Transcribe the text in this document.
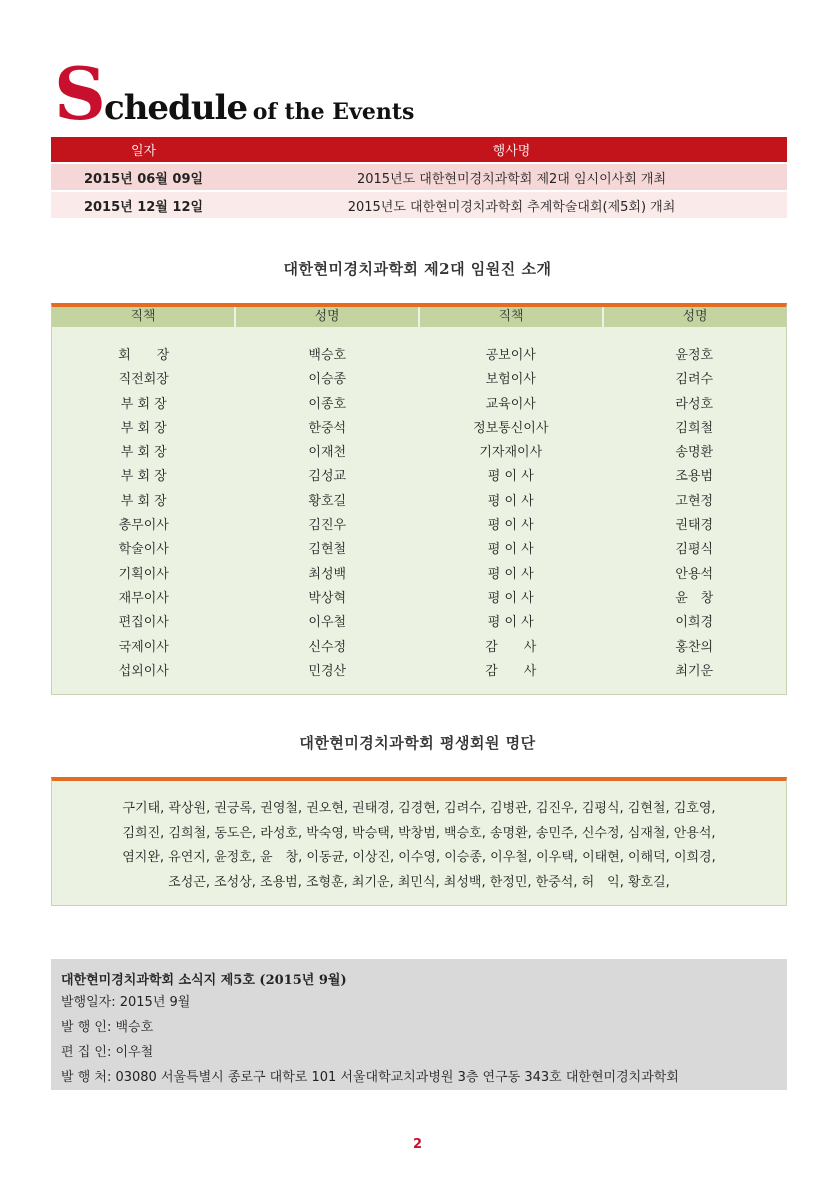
Schedule of the Events
일자	행사명
2015년 06월 09일	2015년도 대한현미경치과학회 제2대 임시이사회 개최
2015년 12월 12일	2015년도 대한현미경치과학회 추계학술대회(제5회) 개최
대한현미경치과학회 제2대 임원진 소개
직책	성명	직책	성명
회　　장	백승호	공보이사	윤정호
직전회장	이승종	보험이사	김려수
부 회 장	이종호	교육이사	라성호
부 회 장	한중석	정보통신이사	김희철
부 회 장	이재천	기자재이사	송명환
부 회 장	김성교	평 이 사	조용범
부 회 장	황호길	평 이 사	고현정
총무이사	김진우	평 이 사	권태경
학술이사	김현철	평 이 사	김평식
기획이사	최성백	평 이 사	안용석
재무이사	박상혁	평 이 사	윤　창
편집이사	이우철	평 이 사	이희경
국제이사	신수정	감　　사	홍찬의
섭외이사	민경산	감　　사	최기운
대한현미경치과학회 평생회원 명단
구기태, 곽상원, 권긍록, 권영철, 권오현, 권태경, 김경현, 김려수, 김병관, 김진우, 김평식, 김현철, 김호영,
김희진, 김희철, 동도은, 라성호, 박숙영, 박승택, 박창범, 백승호, 송명환, 송민주, 신수정, 심재철, 안용석,
염지완, 유연지, 윤정호, 윤　창, 이동균, 이상진, 이수영, 이승종, 이우철, 이우택, 이태현, 이해덕, 이희경,
조성곤, 조성상, 조용범, 조형훈, 최기운, 최민식, 최성백, 한정민, 한중석, 허　익, 황호길,
대한현미경치과학회 소식지 제5호 (2015년 9월)
발행일자: 2015년 9월
발 행 인: 백승호
편 집 인: 이우철
발 행 처: 03080 서울특별시 종로구 대학로 101 서울대학교치과병원 3층 연구동 343호 대한현미경치과학회
2
